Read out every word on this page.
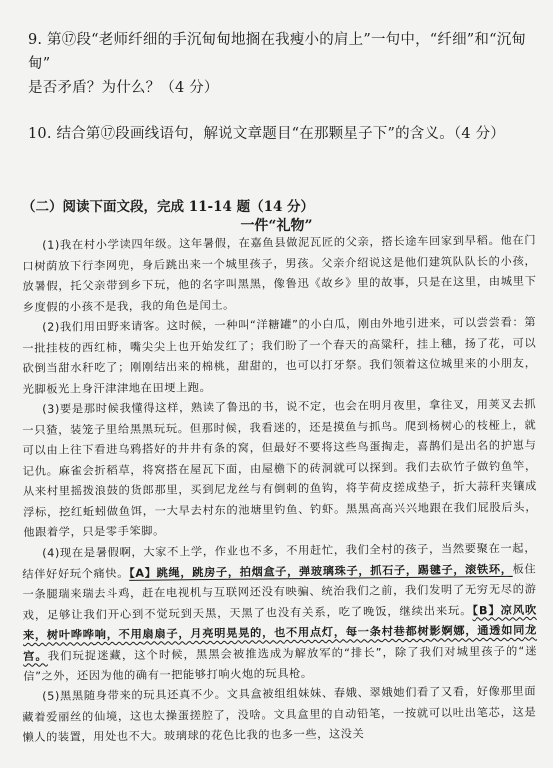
9. 第⑰段“老师纤细的手沉甸甸地搁在我瘦小的肩上”一句中，“纤细”和“沉甸甸”
是否矛盾？为什么？（4 分）
10. 结合第⑰段画线语句，解说文章题目“在那颗星子下”的含义。（4 分）
（二）阅读下面文段，完成 11-14 题（14 分）
一件“礼物”

(1)我在村小学读四年级。这年暑假，在嘉鱼县做泥瓦匠的父亲，搭长途车回家到早稻。他在门口树荫放下行李网兜，身后跳出来一个城里孩子，男孩。父亲介绍说这是他们建筑队队长的小孩，放暑假，托父亲带到乡下玩，他的名字叫黑黑，像鲁迅《故乡》里的故事，只是在这里，由城里下乡度假的小孩不是我，我的角色是闰土。

(2)我们用田野来请客。这时候，一种叫“洋糖罐”的小白瓜，刚由外地引进来，可以尝尝看：第一批挂枝的西红柿，嘴尖尖上也开始发红了；我们盼了一个春天的高粱秆，挂上穗，扬了花，可以砍倒当甜水秆吃了；刚刚结出来的棉桃，甜甜的，也可以打牙祭。我们领着这位城里来的小朋友，光脚板光上身汗津津地在田埂上跑。

(3)要是那时候我懂得这样，熟读了鲁迅的书，说不定，也会在明月夜里，拿往叉，用荚叉去抓一只猹，装笼子里给黑黑玩玩。但那时候，我看迷的，还是摸鱼与抓鸟。爬到杨树心的枝桠上，就可以由上往下看进乌鸦搭好的井井有条的窝，但最好不要将这些鸟蛋掏走，喜鹊们是出名的护崽与记仇。麻雀会折稻草，将窝搭在屋瓦下面，由屋檐下的砖洞就可以探到。我们去砍竹子做钓鱼竿，从来村里摇拨浪鼓的货郎那里，买到尼龙丝与有倒刺的鱼钩，将芋荷皮搓成垫子，折大蒜秆夹镶成浮标，挖红蚯蚓做鱼饵，一大早去村东的池塘里钓鱼、钓虾。黑黑高高兴兴地跟在我们屁股后头，他跟着学，只是零手笨脚。

(4)现在是暑假啊，大家不上学，作业也不多，不用赶忙，我们全村的孩子，当然要聚在一起，结伴好好玩个痛快。【A】跳绳，跳房子，拍烟盒子，弹玻璃珠子，抓石子，踢毽子，滚铁环，板住一条腿瑞来瑞去斗鸡，赶在电视机与互联网还没有映骗、统治我们之前，我们发明了无穷无尽的游戏，足够让我们开心到不觉玩到天黑，天黑了也没有关系，吃了晚饭，继续出来玩。【B】凉风吹来，树叶哗哗响，不用扇扇子，月亮明晃晃的，也不用点灯，每一条村巷都树影婀娜，通透如同龙宫。我们玩捉迷藏，这个时候，黑黑会被推选成为解放军的“排长”，除了我们对城里孩子的“迷信”之外，还因为他的确有一把能够打响火炮的玩具枪。

(5)黑黑随身带来的玩具还真不少。文具盒被组组妹妹、春娥、翠娥她们看了又看，好像那里面藏着爱丽丝的仙境，这也太操蛋搓腔了，没啥。文具盒里的自动铅笔，一按就可以吐出笔芯，这是懒人的装置，用处也不大。玻璃球的花色比我的也多一些，这没关
